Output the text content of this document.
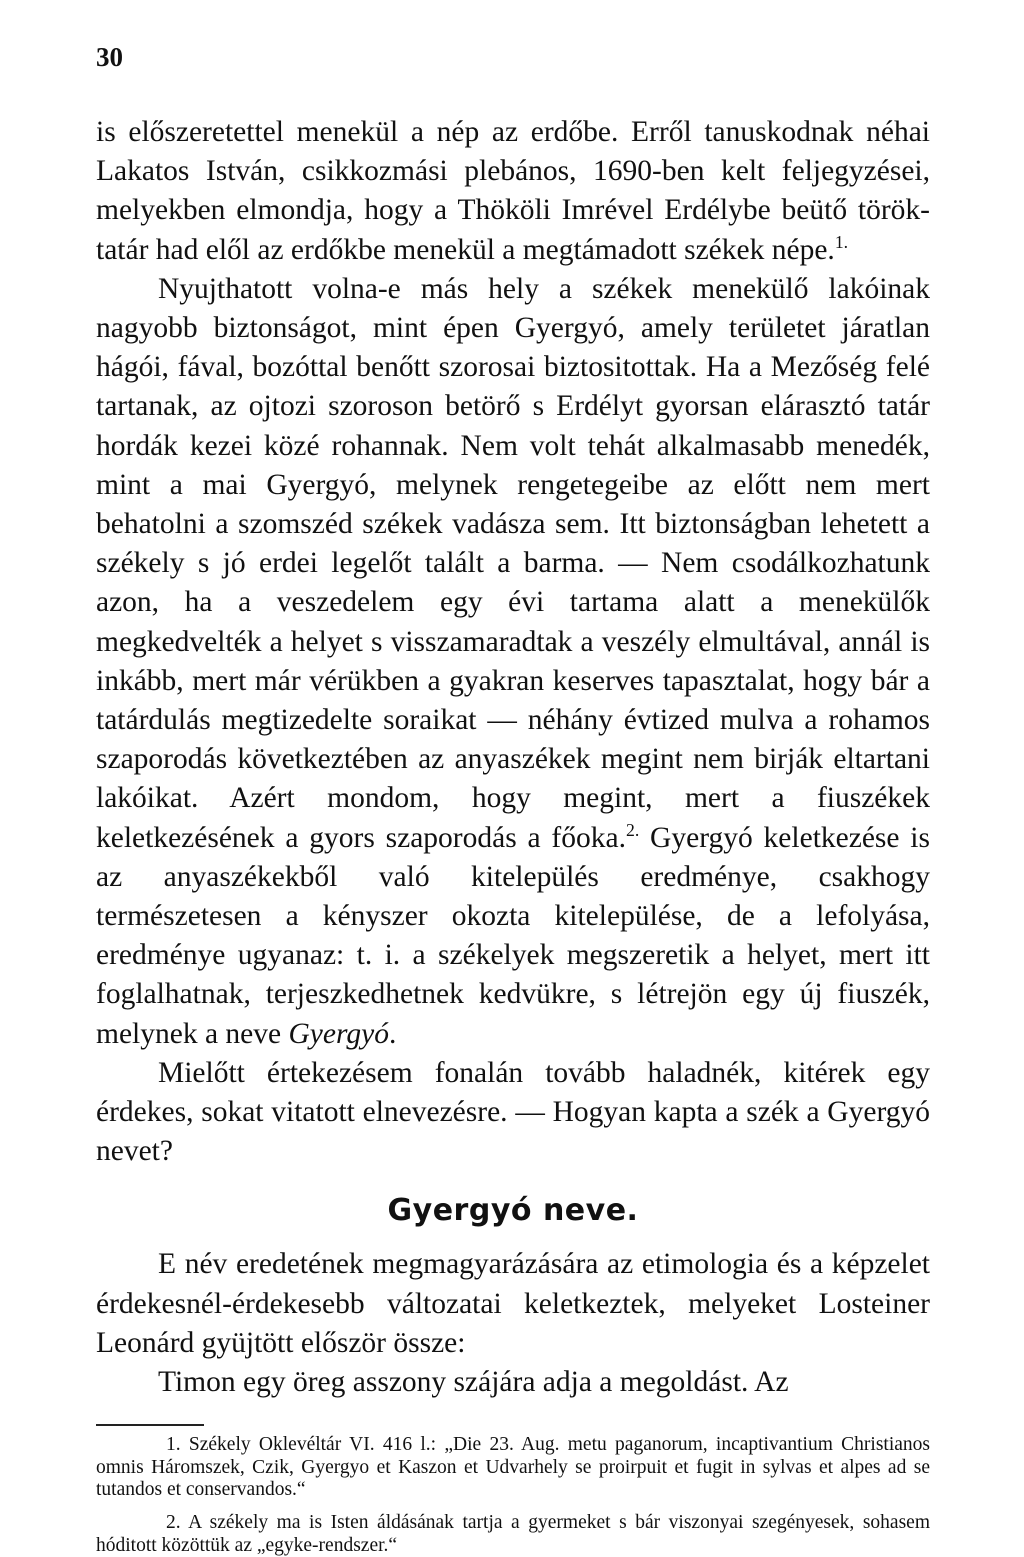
30

is előszeretettel menekül a nép az erdőbe. Erről tanuskodnak néhai Lakatos István, csikkozmási plebános, 1690-ben kelt feljegyzései, melyekben elmondja, hogy a Thököli Imrével Erdélybe beütő török-tatár had elől az erdőkbe menekül a megtámadott székek népe.$^{1.}$

Nyujthatott volna-e más hely a székek menekülő lakóinak nagyobb biztonságot, mint épen Gyergyó, amely területet járatlan hágói, fával, bozóttal benőtt szorosai biztositottak. Ha a Mezőség felé tartanak, az ojtozi szoroson betörő s Erdélyt gyorsan elárasztó tatár hordák kezei közé rohannak. Nem volt tehát alkalmasabb menedék, mint a mai Gyergyó, melynek rengetegeibe az előtt nem mert behatolni a szomszéd székek vadásza sem. Itt biztonságban lehetett a székely s jó erdei legelőt talált a barma. — Nem csodálkozhatunk azon, ha a veszedelem egy évi tartama alatt a menekülők megkedvelték a helyet s visszamaradtak a veszély elmultával, annál is inkább, mert már vérükben a gyakran keserves tapasztalat, hogy bár a tatárdulás megtizedelte soraikat — néhány évtized mulva a rohamos szaporodás következtében az anyaszékek megint nem birják eltartani lakóikat. Azért mondom, hogy megint, mert a fiuszékek keletkezésének a gyors szaporodás a főoka.$^{2.}$ Gyergyó keletkezése is az anyaszékekből való kitelepülés eredménye, csakhogy természetesen a kényszer okozta kitelepülése, de a lefolyása, eredménye ugyanaz: t. i. a székelyek megszeretik a helyet, mert itt foglalhatnak, terjeszkedhetnek kedvükre, s létrejön egy új fiuszék, melynek a neve Gyergyó.

Mielőtt értekezésem fonalán tovább haladnék, kitérek egy érdekes, sokat vitatott elnevezésre. — Hogyan kapta a szék a Gyergyó nevet?

Gyergyó neve.

E név eredetének megmagyarázására az etimologia és a képzelet érdekesnél-érdekesebb változatai keletkeztek, melyeket Losteiner Leonárd gyüjtött először össze:

Timon egy öreg asszony szájára adja a megoldást. Az

1. Székely Oklevéltár VI. 416 l.: „Die 23. Aug. metu paganorum, incaptivantium Christianos omnis Háromszek, Czik, Gyergyo et Kaszon et Udvarhely se proirpuit et fugit in sylvas et alpes ad se tutandos et conservandos.“

2. A székely ma is Isten áldásának tartja a gyermeket s bár viszonyai szegényesek, sohasem hóditott közöttük az „egyke-rendszer.“
